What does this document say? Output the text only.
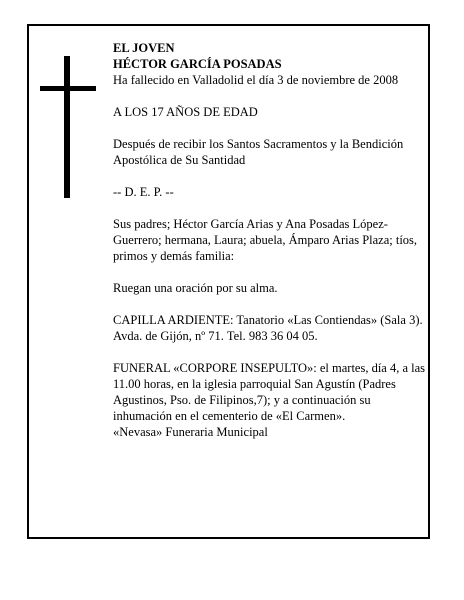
EL JOVEN

HÉCTOR GARCÍA POSADAS

Ha fallecido en Valladolid el día 3 de noviembre de 2008

A LOS 17 AÑOS DE EDAD

Después de recibir los Santos Sacramentos y la Bendición Apostólica de Su Santidad

-- D. E. P. --

Sus padres; Héctor García Arias y Ana Posadas López-Guerrero; hermana, Laura; abuela, Ámparo Arias Plaza; tíos, primos y demás familia:

Ruegan una oración por su alma.

CAPILLA ARDIENTE: Tanatorio «Las Contiendas» (Sala 3). Avda. de Gijón, nº 71. Tel. 983 36 04 05.

FUNERAL «CORPORE INSEPULTO»: el martes, día 4, a las 11.00 horas, en la iglesia parroquial San Agustín (Padres Agustinos, Pso. de Filipinos,7); y a continuación su inhumación en el cementerio de «El Carmen».

«Nevasa» Funeraria Municipal
